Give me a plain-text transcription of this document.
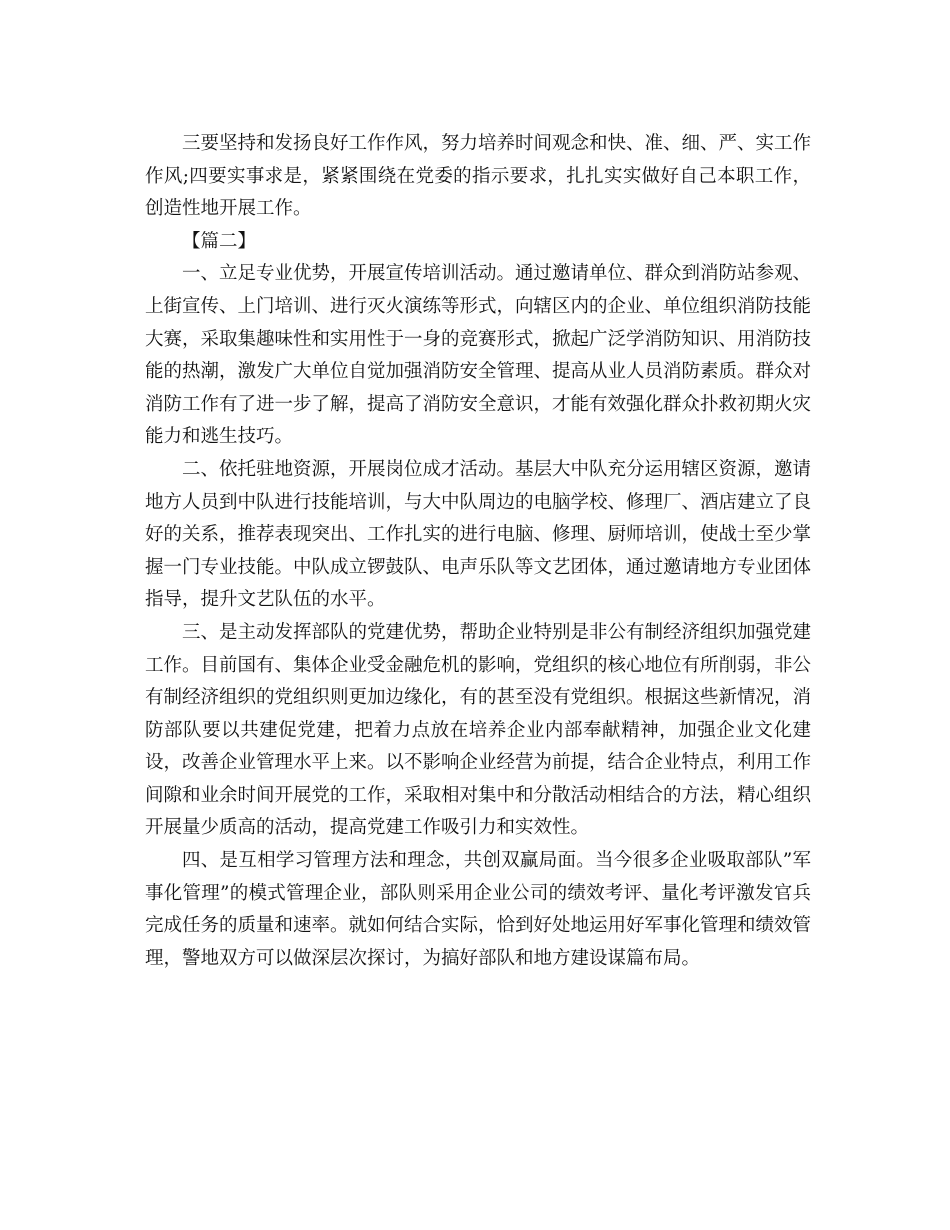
三要坚持和发扬良好工作作风，努力培养时间观念和快、准、细、严、实工作作风;四要实事求是，紧紧围绕在党委的指示要求，扎扎实实做好自己本职工作，创造性地开展工作。

【篇二】

一、立足专业优势，开展宣传培训活动。通过邀请单位、群众到消防站参观、上街宣传、上门培训、进行灭火演练等形式，向辖区内的企业、单位组织消防技能大赛，采取集趣味性和实用性于一身的竞赛形式，掀起广泛学消防知识、用消防技能的热潮，激发广大单位自觉加强消防安全管理、提高从业人员消防素质。群众对消防工作有了进一步了解，提高了消防安全意识，才能有效强化群众扑救初期火灾能力和逃生技巧。

二、依托驻地资源，开展岗位成才活动。基层大中队充分运用辖区资源，邀请地方人员到中队进行技能培训，与大中队周边的电脑学校、修理厂、酒店建立了良好的关系，推荐表现突出、工作扎实的进行电脑、修理、厨师培训，使战士至少掌握一门专业技能。中队成立锣鼓队、电声乐队等文艺团体，通过邀请地方专业团体指导，提升文艺队伍的水平。

三、是主动发挥部队的党建优势，帮助企业特别是非公有制经济组织加强党建工作。目前国有、集体企业受金融危机的影响，党组织的核心地位有所削弱，非公有制经济组织的党组织则更加边缘化，有的甚至没有党组织。根据这些新情况，消防部队要以共建促党建，把着力点放在培养企业内部奉献精神，加强企业文化建设，改善企业管理水平上来。以不影响企业经营为前提，结合企业特点，利用工作间隙和业余时间开展党的工作，采取相对集中和分散活动相结合的方法，精心组织开展量少质高的活动，提高党建工作吸引力和实效性。

四、是互相学习管理方法和理念，共创双赢局面。当今很多企业吸取部队”军事化管理”的模式管理企业，部队则采用企业公司的绩效考评、量化考评激发官兵完成任务的质量和速率。就如何结合实际，恰到好处地运用好军事化管理和绩效管理，警地双方可以做深层次探讨，为搞好部队和地方建设谋篇布局。
